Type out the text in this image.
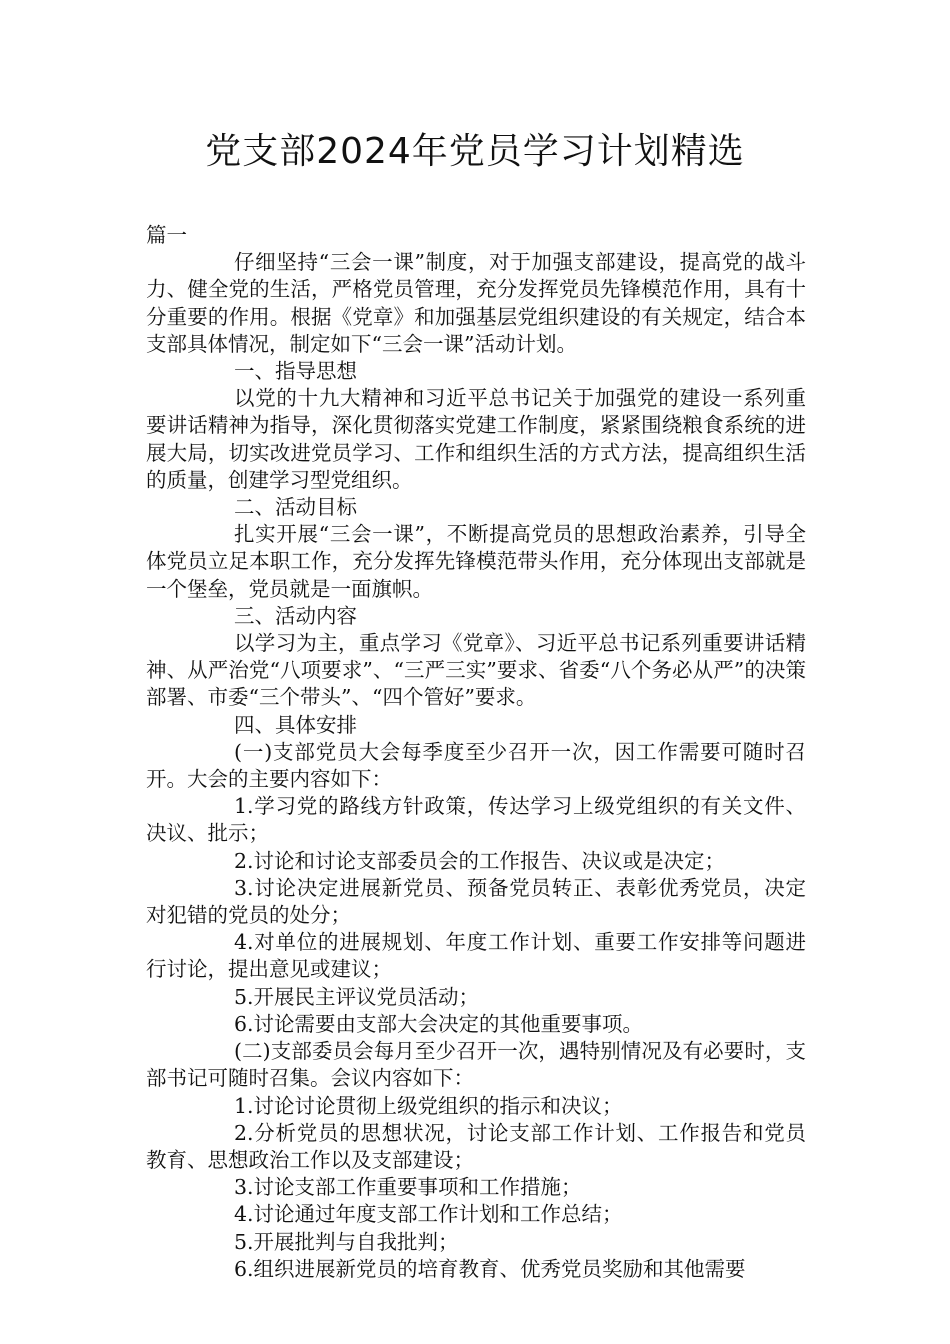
党支部2024年党员学习计划精选

篇一

仔细坚持“三会一课”制度，对于加强支部建设，提高党的战斗力、健全党的生活，严格党员管理，充分发挥党员先锋模范作用，具有十分重要的作用。根据《党章》和加强基层党组织建设的有关规定，结合本支部具体情况，制定如下“三会一课”活动计划。

一、指导思想

以党的十九大精神和习近平总书记关于加强党的建设一系列重要讲话精神为指导，深化贯彻落实党建工作制度，紧紧围绕粮食系统的进展大局，切实改进党员学习、工作和组织生活的方式方法，提高组织生活的质量，创建学习型党组织。

二、活动目标

扎实开展“三会一课”，不断提高党员的思想政治素养，引导全体党员立足本职工作，充分发挥先锋模范带头作用，充分体现出支部就是一个堡垒，党员就是一面旗帜。

三、活动内容

以学习为主，重点学习《党章》、习近平总书记系列重要讲话精神、从严治党“八项要求”、“三严三实”要求、省委“八个务必从严”的决策部署、市委“三个带头”、“四个管好”要求。

四、具体安排

(一)支部党员大会每季度至少召开一次，因工作需要可随时召开。大会的主要内容如下：

1.学习党的路线方针政策，传达学习上级党组织的有关文件、决议、批示；

2.讨论和讨论支部委员会的工作报告、决议或是决定；

3.讨论决定进展新党员、预备党员转正、表彰优秀党员，决定对犯错的党员的处分；

4.对单位的进展规划、年度工作计划、重要工作安排等问题进行讨论，提出意见或建议；

5.开展民主评议党员活动；

6.讨论需要由支部大会决定的其他重要事项。

(二)支部委员会每月至少召开一次，遇特别情况及有必要时，支部书记可随时召集。会议内容如下：

1.讨论讨论贯彻上级党组织的指示和决议；

2.分析党员的思想状况，讨论支部工作计划、工作报告和党员教育、思想政治工作以及支部建设；

3.讨论支部工作重要事项和工作措施；

4.讨论通过年度支部工作计划和工作总结；

5.开展批判与自我批判；

6.组织进展新党员的培育教育、优秀党员奖励和其他需要
